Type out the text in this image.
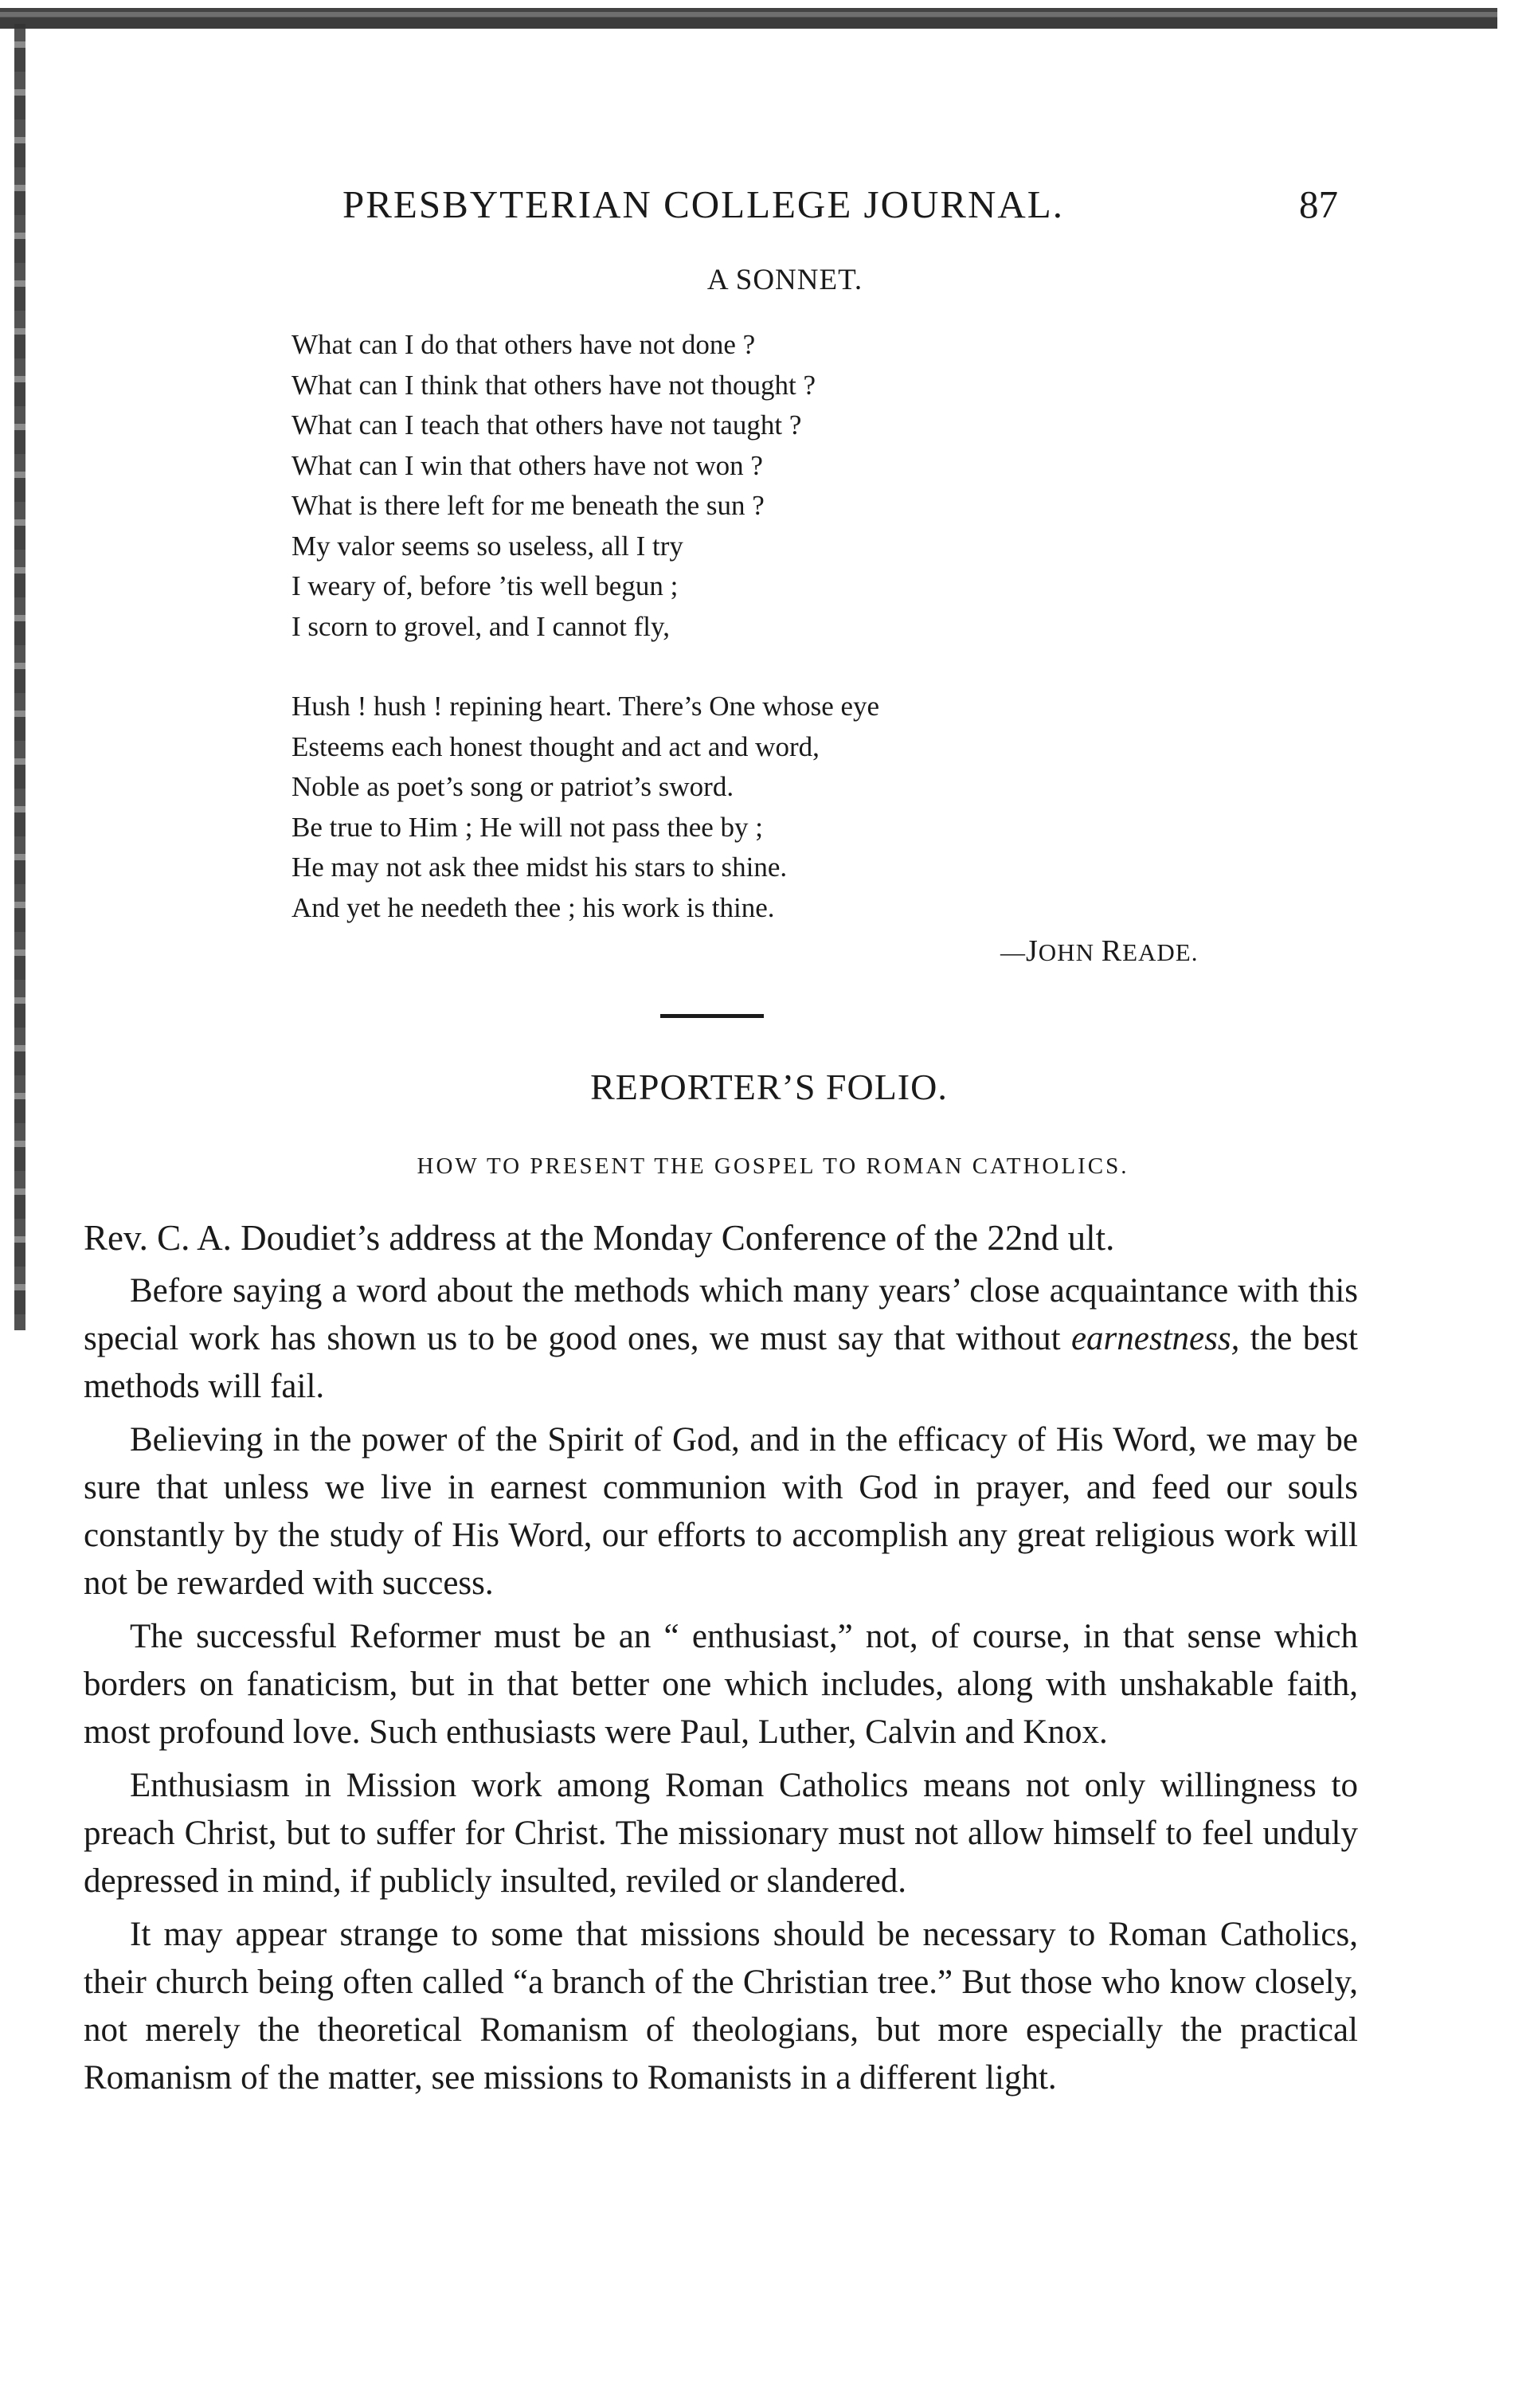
PRESBYTERIAN COLLEGE JOURNAL.	87
A SONNET.
What can I do that others have not done ?
What can I think that others have not thought ?
What can I teach that others have not taught ?
What can I win that others have not won ?
What is there left for me beneath the sun ?
My valor seems so useless, all I try
I weary of, before ’tis well begun ;
I scorn to grovel, and I cannot fly,
Hush ! hush ! repining heart. There’s One whose eye
Esteems each honest thought and act and word,
Noble as poet’s song or patriot’s sword.
Be true to Him ; He will not pass thee by ;
He may not ask thee midst his stars to shine.
And yet he needeth thee ; his work is thine.
—JOHN READE.
REPORTER’S FOLIO.
HOW TO PRESENT THE GOSPEL TO ROMAN CATHOLICS.

Rev. C. A. Doudiet’s address at the Monday Conference of the 22nd ult.

Before saying a word about the methods which many years’ close acquaintance with this special work has shown us to be good ones, we must say that without earnestness, the best methods will fail.

Believing in the power of the Spirit of God, and in the efficacy of His Word, we may be sure that unless we live in earnest communion with God in prayer, and feed our souls constantly by the study of His Word, our efforts to accomplish any great religious work will not be rewarded with success.

The successful Reformer must be an “ enthusiast,” not, of course, in that sense which borders on fanaticism, but in that better one which includes, along with unshakable faith, most profound love. Such enthusiasts were Paul, Luther, Calvin and Knox.

Enthusiasm in Mission work among Roman Catholics means not only willingness to preach Christ, but to suffer for Christ. The missionary must not allow himself to feel unduly depressed in mind, if publicly insulted, reviled or slandered.

It may appear strange to some that missions should be necessary to Roman Catholics, their church being often called “a branch of the Christian tree.” But those who know closely, not merely the theoretical Romanism of theologians, but more especially the practical Romanism of the matter, see missions to Romanists in a different light.
